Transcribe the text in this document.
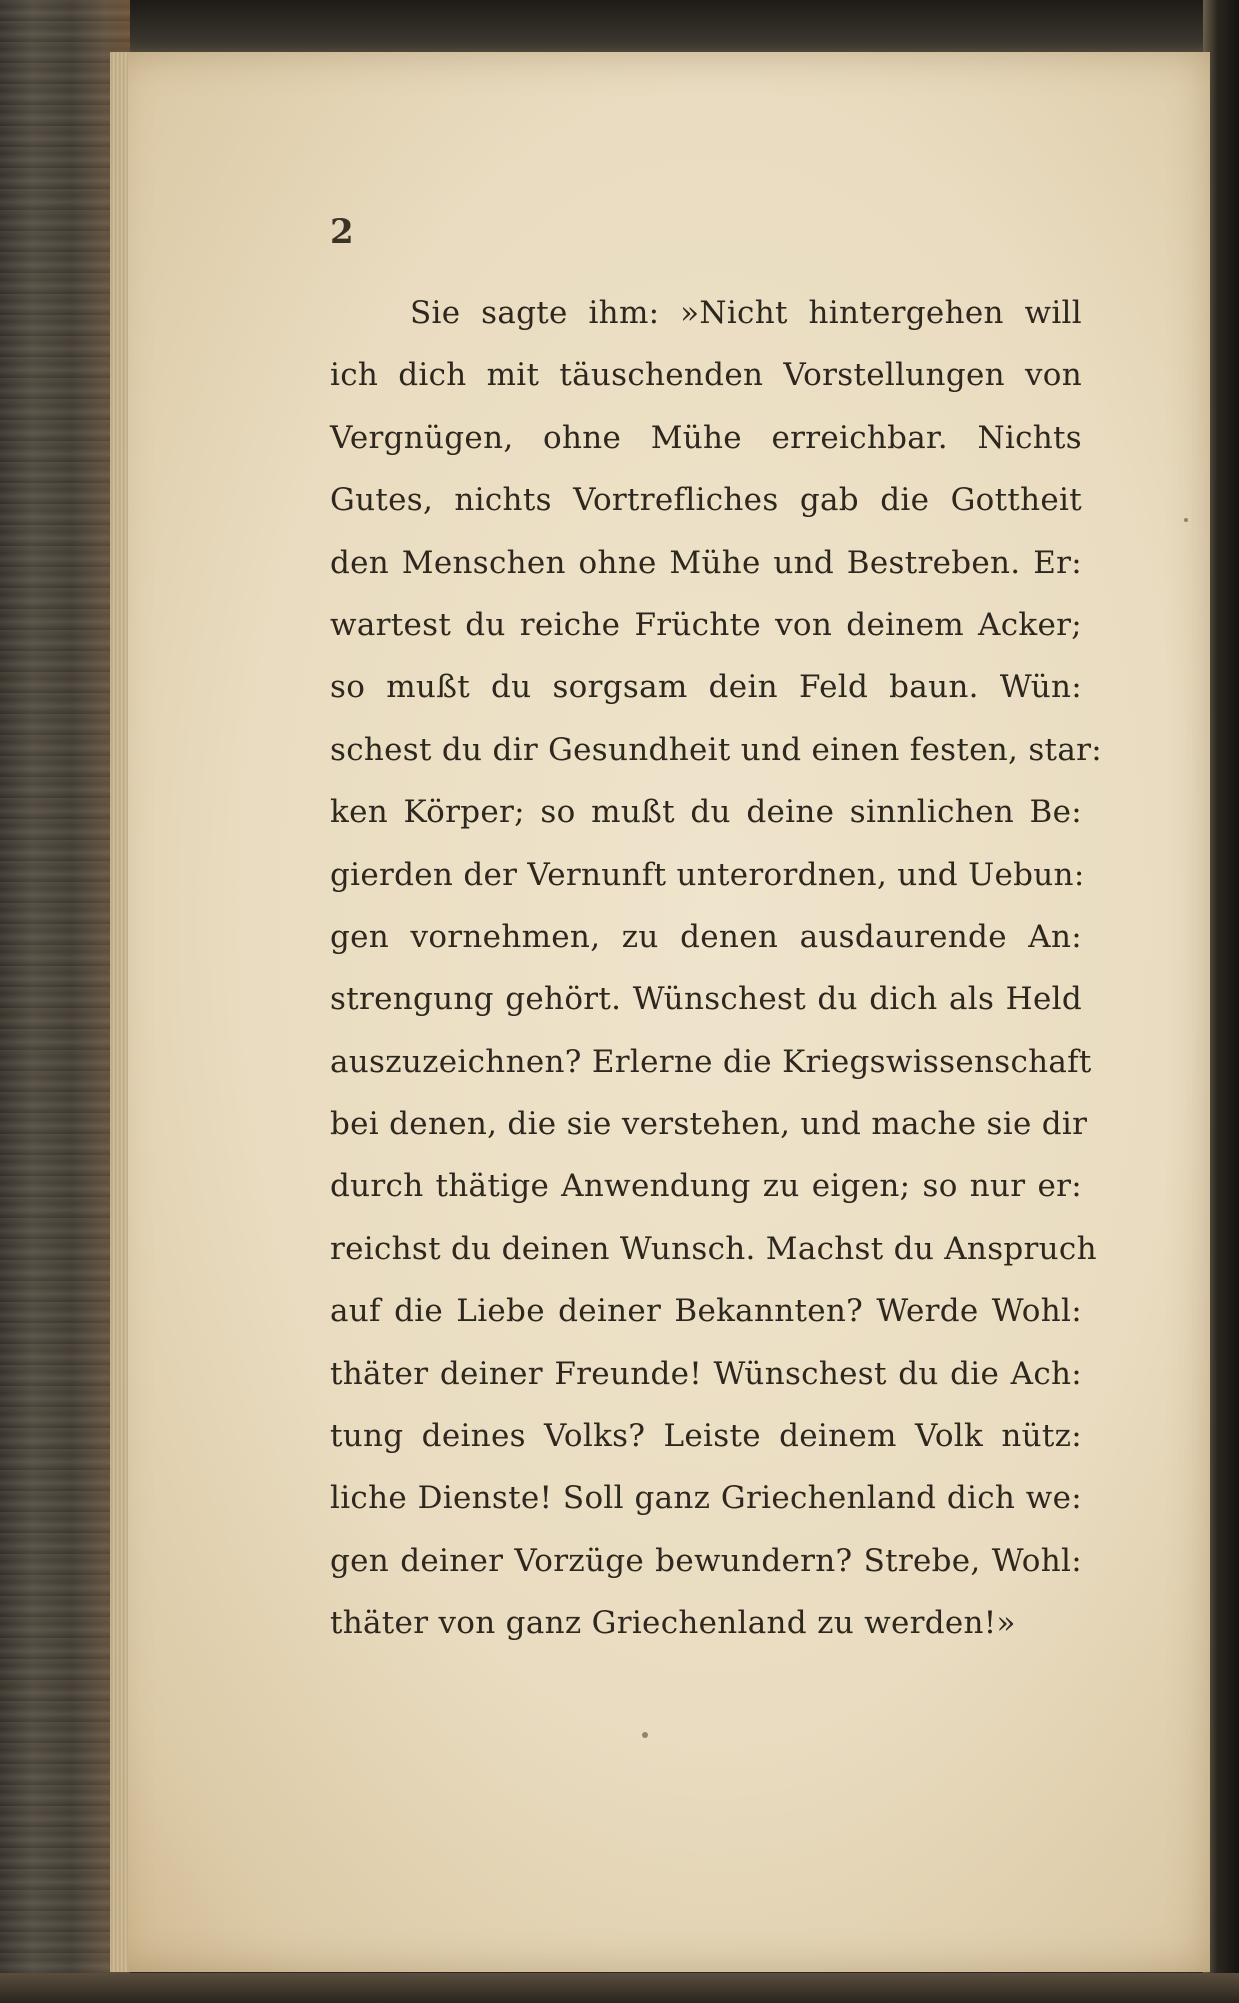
2
Sie sagte ihm: »Nicht hintergehen will
ich dich mit täuschenden Vorstellungen von
Vergnügen, ohne Mühe erreichbar. Nichts
Gutes, nichts Vortrefliches gab die Gottheit
den Menschen ohne Mühe und Bestreben. Er:
wartest du reiche Früchte von deinem Acker;
so mußt du sorgsam dein Feld baun. Wün:
schest du dir Gesundheit und einen festen, star:
ken Körper; so mußt du deine sinnlichen Be:
gierden der Vernunft unterordnen, und Uebun:
gen vornehmen, zu denen ausdaurende An:
strengung gehört. Wünschest du dich als Held
auszuzeichnen? Erlerne die Kriegswissenschaft
bei denen, die sie verstehen, und mache sie dir
durch thätige Anwendung zu eigen; so nur er:
reichst du deinen Wunsch. Machst du Anspruch
auf die Liebe deiner Bekannten? Werde Wohl:
thäter deiner Freunde! Wünschest du die Ach:
tung deines Volks? Leiste deinem Volk nütz:
liche Dienste! Soll ganz Griechenland dich we:
gen deiner Vorzüge bewundern? Strebe, Wohl:
thäter von ganz Griechenland zu werden!»
